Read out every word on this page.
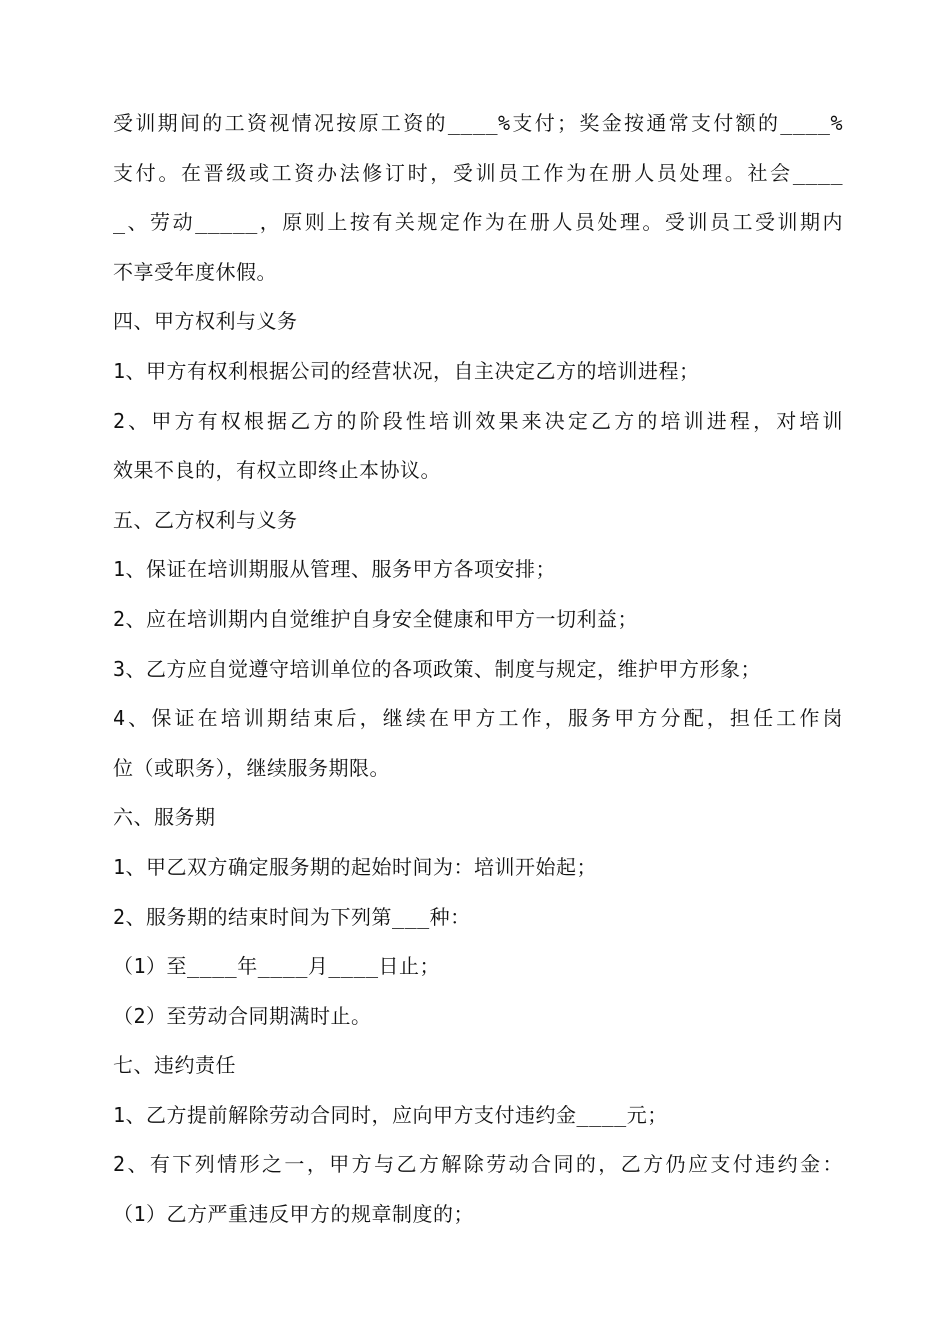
受训期间的工资视情况按原工资的____%支付；奖金按通常支付额的____%
支付。在晋级或工资办法修订时，受训员工作为在册人员处理。社会____
_、劳动_____，原则上按有关规定作为在册人员处理。受训员工受训期内
不享受年度休假。
四、甲方权利与义务
1、甲方有权利根据公司的经营状况，自主决定乙方的培训进程；
2、甲方有权根据乙方的阶段性培训效果来决定乙方的培训进程，对培训
效果不良的，有权立即终止本协议。
五、乙方权利与义务
1、保证在培训期服从管理、服务甲方各项安排；
2、应在培训期内自觉维护自身安全健康和甲方一切利益；
3、乙方应自觉遵守培训单位的各项政策、制度与规定，维护甲方形象；
4、保证在培训期结束后，继续在甲方工作，服务甲方分配，担任工作岗
位（或职务），继续服务期限。
六、服务期
1、甲乙双方确定服务期的起始时间为：培训开始起；
2、服务期的结束时间为下列第___种：
（1）至____年____月____日止；
（2）至劳动合同期满时止。
七、违约责任
1、乙方提前解除劳动合同时，应向甲方支付违约金____元；
2、有下列情形之一，甲方与乙方解除劳动合同的，乙方仍应支付违约金：
（1）乙方严重违反甲方的规章制度的；
